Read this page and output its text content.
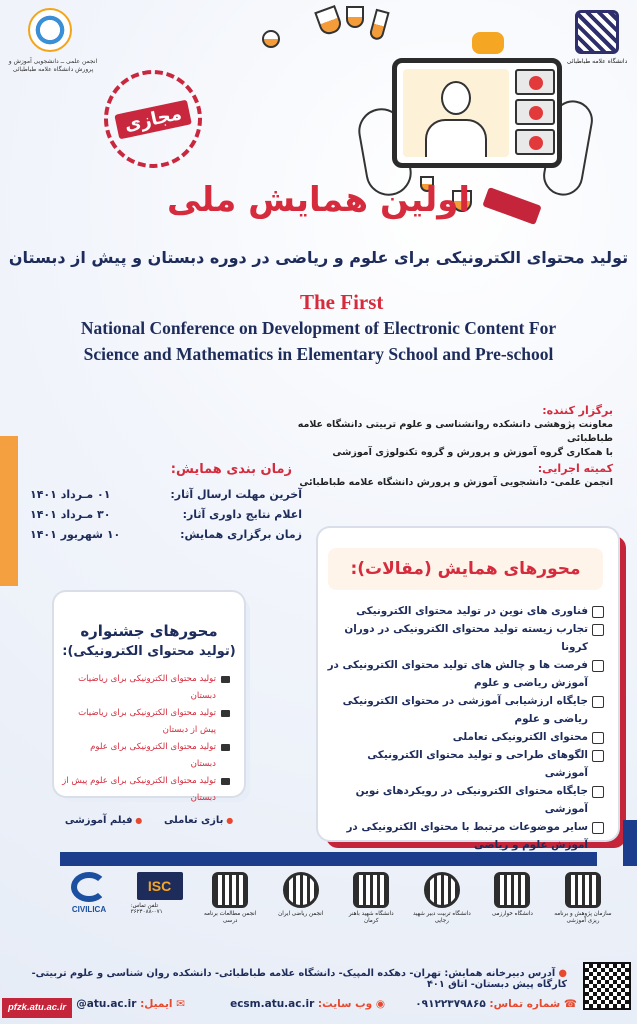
انجمن علمی ــ دانشجویی آموزش و پرورش دانشگاه علامه طباطبائی
دانشگاه علامه طباطبائی
مجازی
اولین همایش ملی
تولید محتوای الکترونیکی برای علوم و ریاضی در دوره دبستان و پیش از دبستان
The First
National Conference on Development of Electronic Content For
Science and Mathematics in Elementary School and Pre-school
برگزار کننده:
معاونت پژوهشی دانشکده روانشناسی و علوم تربیتی دانشگاه علامه طباطبائی
با همکاری گروه آموزش و پرورش و گروه تکنولوژی آموزشی
کمیته اجرایی:
انجمن علمی- دانشجویی آموزش و پرورش دانشگاه علامه طباطبائی
زمان بندی همایش:
آخرین مهلت ارسال آثار:
۰۱ مـرداد ۱۴۰۱
اعلام نتایج داوری آثار:
۳۰ مـرداد ۱۴۰۱
زمان برگزاری همایش:
۱۰ شهریور ۱۴۰۱
محورهای همایش (مقالات):
فناوری های نوین در تولید محتوای الکترونیکی
تجارب زیسته تولید محتوای الکترونیکی در دوران کرونا
فرصت ها و چالش های تولید محتوای الکترونیکی در آموزش ریاضی و علوم
جایگاه ارزشیابی آموزشی در محتوای الکترونیکی ریاضی و علوم
محتوای الکترونیکی تعاملی
الگوهای طراحی و تولید محتوای الکترونیکی آموزشی
جایگاه محتوای الکترونیکی در رویکردهای نوین آموزشی
سایر موضوعات مرتبط با محتوای الکترونیکی در آموزش علوم و ریاضی
محورهای جشنواره
(تولید محتوای الکترونیکی):
تولید محتوای الکترونیکی برای ریاضیات دبستان
تولید محتوای الکترونیکی برای ریاضیات پیش از دبستان
تولید محتوای الکترونیکی برای علوم دبستان
تولید محتوای الکترونیکی برای علوم پیش از دبستان
● بازی تعاملی
● فیلم آموزشی
سازمان پژوهش و برنامه ریزی آموزشی
دانشگاه خوارزمی
دانشگاه تربیت دبیر شهید رجایی
دانشگاه شهید باهنر کرمان
انجمن ریاضی ایران
انجمن مطالعات برنامه درسی
ISC
تلفن تماس: ۰۷۱-۳۶۲۴۰۸۸
CIVILICA
● آدرس دبیرخانه همایش: تهران- دهکده المپیک- دانشگاه علامه طباطبائی- دانشکده روان شناسی و علوم تربیتی- کارگاه پیش دبستان- اتاق ۴۰۱
☎ شماره تماس: ۰۹۱۲۲۳۷۹۸۶۵
◉ وب سایت: ecsm.atu.ac.ir
✉ ایمیل: atu.ac.ir@
pfzk.atu.ac.ir
